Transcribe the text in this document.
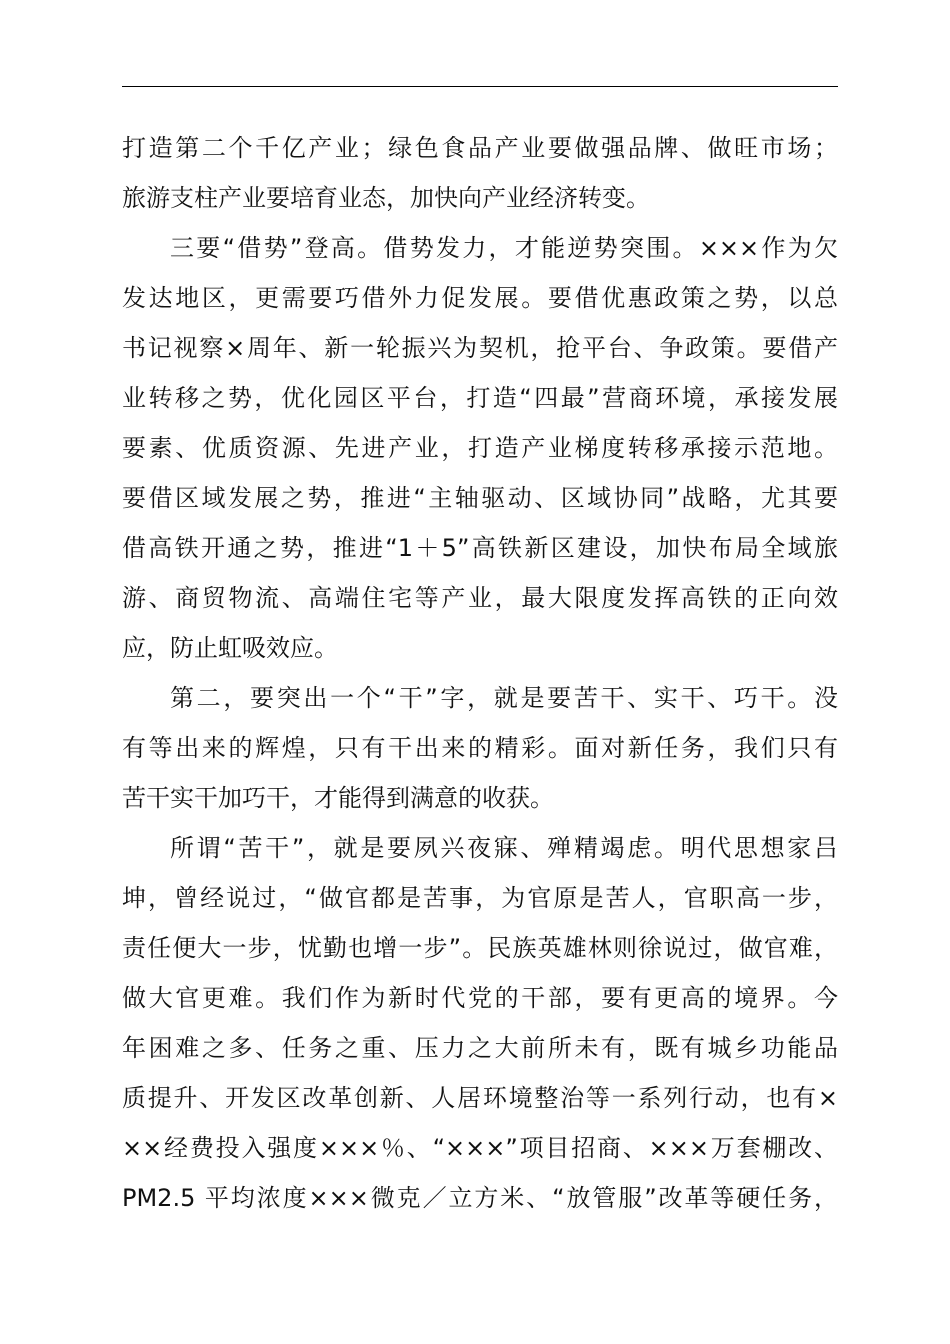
打造第二个千亿产业；绿色食品产业要做强品牌、做旺市场；
旅游支柱产业要培育业态，加快向产业经济转变。
三要“借势”登高。借势发力，才能逆势突围。×××作为欠
发达地区，更需要巧借外力促发展。要借优惠政策之势，以总
书记视察×周年、新一轮振兴为契机，抢平台、争政策。要借产
业转移之势，优化园区平台，打造“四最”营商环境，承接发展
要素、优质资源、先进产业，打造产业梯度转移承接示范地。
要借区域发展之势，推进“主轴驱动、区域协同”战略，尤其要
借高铁开通之势，推进“1＋5”高铁新区建设，加快布局全域旅
游、商贸物流、高端住宅等产业，最大限度发挥高铁的正向效
应，防止虹吸效应。
第二，要突出一个“干”字，就是要苦干、实干、巧干。没
有等出来的辉煌，只有干出来的精彩。面对新任务，我们只有
苦干实干加巧干，才能得到满意的收获。
所谓“苦干”，就是要夙兴夜寐、殚精竭虑。明代思想家吕
坤，曾经说过，“做官都是苦事，为官原是苦人，官职高一步，
责任便大一步，忧勤也增一步”。民族英雄林则徐说过，做官难，
做大官更难。我们作为新时代党的干部，要有更高的境界。今
年困难之多、任务之重、压力之大前所未有，既有城乡功能品
质提升、开发区改革创新、人居环境整治等一系列行动，也有×
××经费投入强度×××％、“×××”项目招商、×××万套棚改、
PM2.5 平均浓度×××微克／立方米、“放管服”改革等硬任务，
